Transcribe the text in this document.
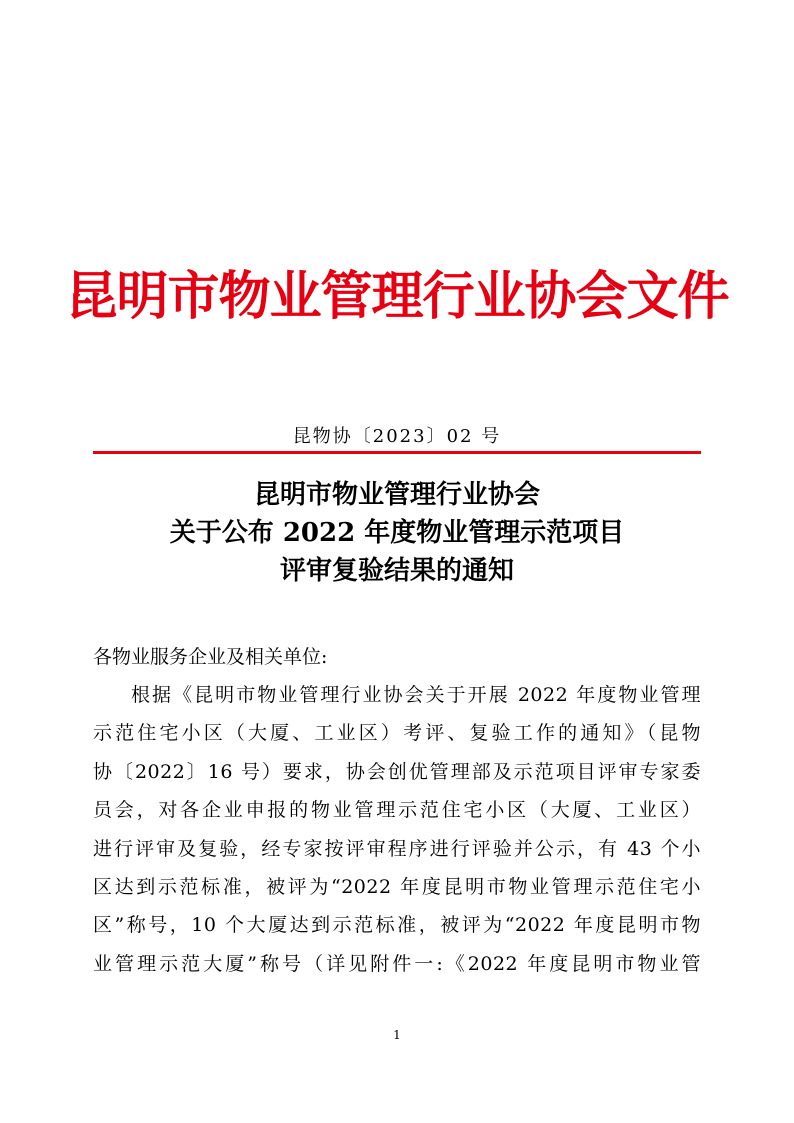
昆明市物业管理行业协会文件
昆物协〔2023〕02 号
昆明市物业管理行业协会
关于公布 2022 年度物业管理示范项目
评审复验结果的通知
各物业服务企业及相关单位:
根据《昆明市物业管理行业协会关于开展 2022 年度物业管理
示范住宅小区（大厦、工业区）考评、复验工作的通知》（昆物
协〔2022〕16 号）要求，协会创优管理部及示范项目评审专家委
员会，对各企业申报的物业管理示范住宅小区（大厦、工业区）
进行评审及复验，经专家按评审程序进行评验并公示，有 43 个小
区达到示范标准，被评为“2022 年度昆明市物业管理示范住宅小
区”称号，10 个大厦达到示范标准，被评为“2022 年度昆明市物
业管理示范大厦”称号（详见附件一:《2022 年度昆明市物业管
1
